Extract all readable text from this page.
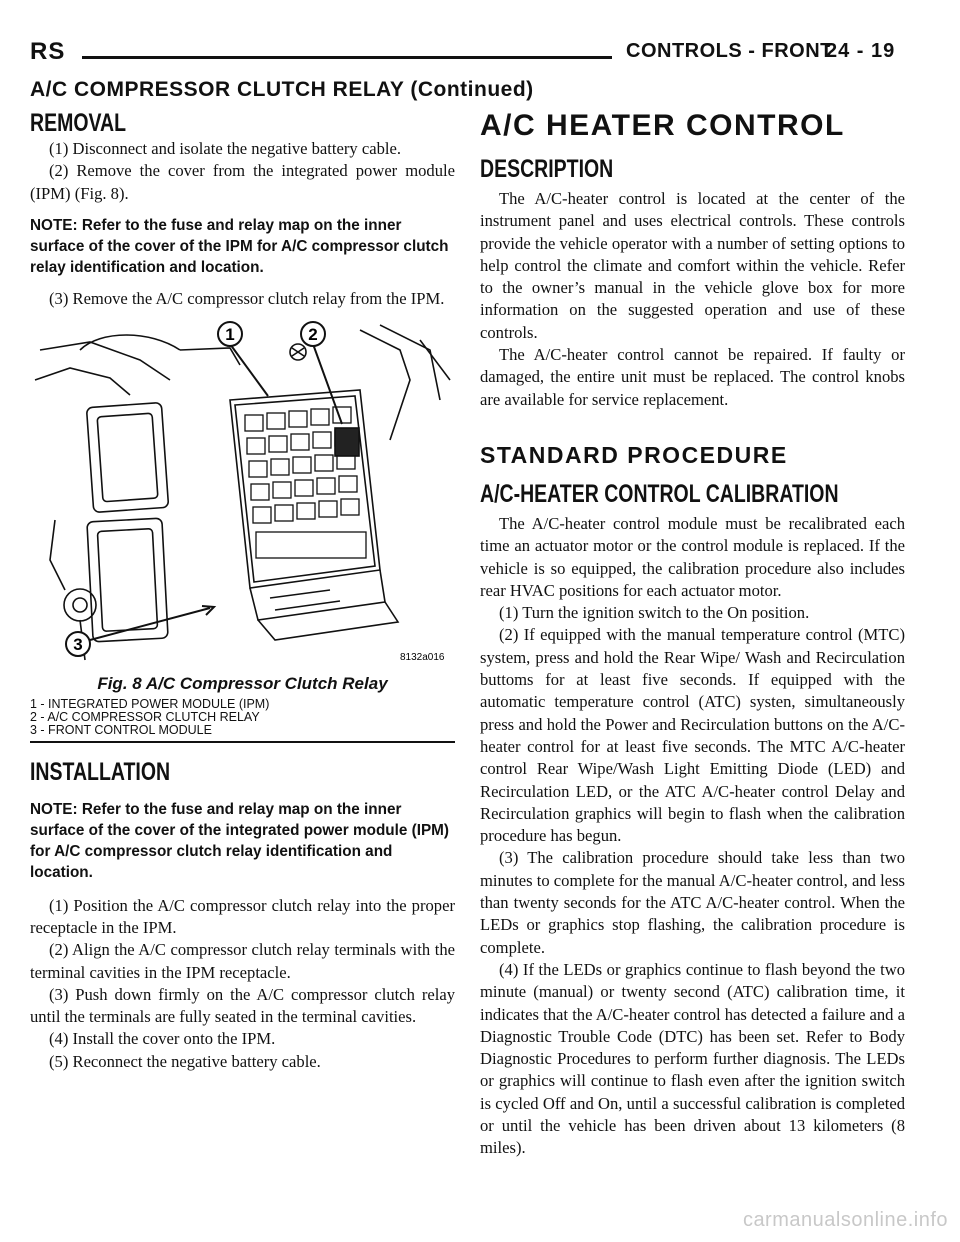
RS	CONTROLS - FRONT
24 - 19
A/C COMPRESSOR CLUTCH RELAY (Continued)
REMOVAL

(1) Disconnect and isolate the negative battery cable.

(2) Remove the cover from the integrated power module (IPM) (Fig. 8).

NOTE: Refer to the fuse and relay map on the inner surface of the cover of the IPM for A/C compressor clutch relay identification and location.

(3) Remove the A/C compressor clutch relay from the IPM.

1	2
3
8132a016
Fig. 8 A/C Compressor Clutch Relay

1 - INTEGRATED POWER MODULE (IPM)

2 - A/C COMPRESSOR CLUTCH RELAY

3 - FRONT CONTROL MODULE

INSTALLATION

NOTE: Refer to the fuse and relay map on the inner surface of the cover of the integrated power module (IPM) for A/C compressor clutch relay identification and location.

(1) Position the A/C compressor clutch relay into the proper receptacle in the IPM.

(2) Align the A/C compressor clutch relay terminals with the terminal cavities in the IPM receptacle.

(3) Push down firmly on the A/C compressor clutch relay until the terminals are fully seated in the terminal cavities.

(4) Install the cover onto the IPM.

(5) Reconnect the negative battery cable.

A/C HEATER CONTROL
DESCRIPTION

The A/C-heater control is located at the center of the instrument panel and uses electrical controls. These controls provide the vehicle operator with a number of setting options to help control the climate and comfort within the vehicle. Refer to the owner’s manual in the vehicle glove box for more information on the suggested operation and use of these controls.

The A/C-heater control cannot be repaired. If faulty or damaged, the entire unit must be replaced. The control knobs are available for service replacement.

STANDARD PROCEDURE
A/C-HEATER CONTROL CALIBRATION

The A/C-heater control module must be recalibrated each time an actuator motor or the control module is replaced. If the vehicle is so equipped, the calibration procedure also includes rear HVAC positions for each actuator motor.

(1) Turn the ignition switch to the On position.

(2) If equipped with the manual temperature control (MTC) system, press and hold the Rear Wipe/ Wash and Recirculation buttoms for at least five seconds. If equipped with the automatic temperature control (ATC) systen, simultaneously press and hold the Power and Recirculation buttons on the A/C-heater control for at least five seconds. The MTC A/C-heater control Rear Wipe/Wash Light Emitting Diode (LED) and Recirculation LED, or the ATC A/C-heater control Delay and Recirculation graphics will begin to flash when the calibration procedure has begun.

(3) The calibration procedure should take less than two minutes to complete for the manual A/C-heater control, and less than twenty seconds for the ATC A/C-heater control. When the LEDs or graphics stop flashing, the calibration procedure is complete.

(4) If the LEDs or graphics continue to flash beyond the two minute (manual) or twenty second (ATC) calibration time, it indicates that the A/C-heater control has detected a failure and a Diagnostic Trouble Code (DTC) has been set. Refer to Body Diagnostic Procedures to perform further diagnosis. The LEDs or graphics will continue to flash even after the ignition switch is cycled Off and On, until a successful calibration is completed or until the vehicle has been driven about 13 kilometers (8 miles).

carmanualsonline.info
